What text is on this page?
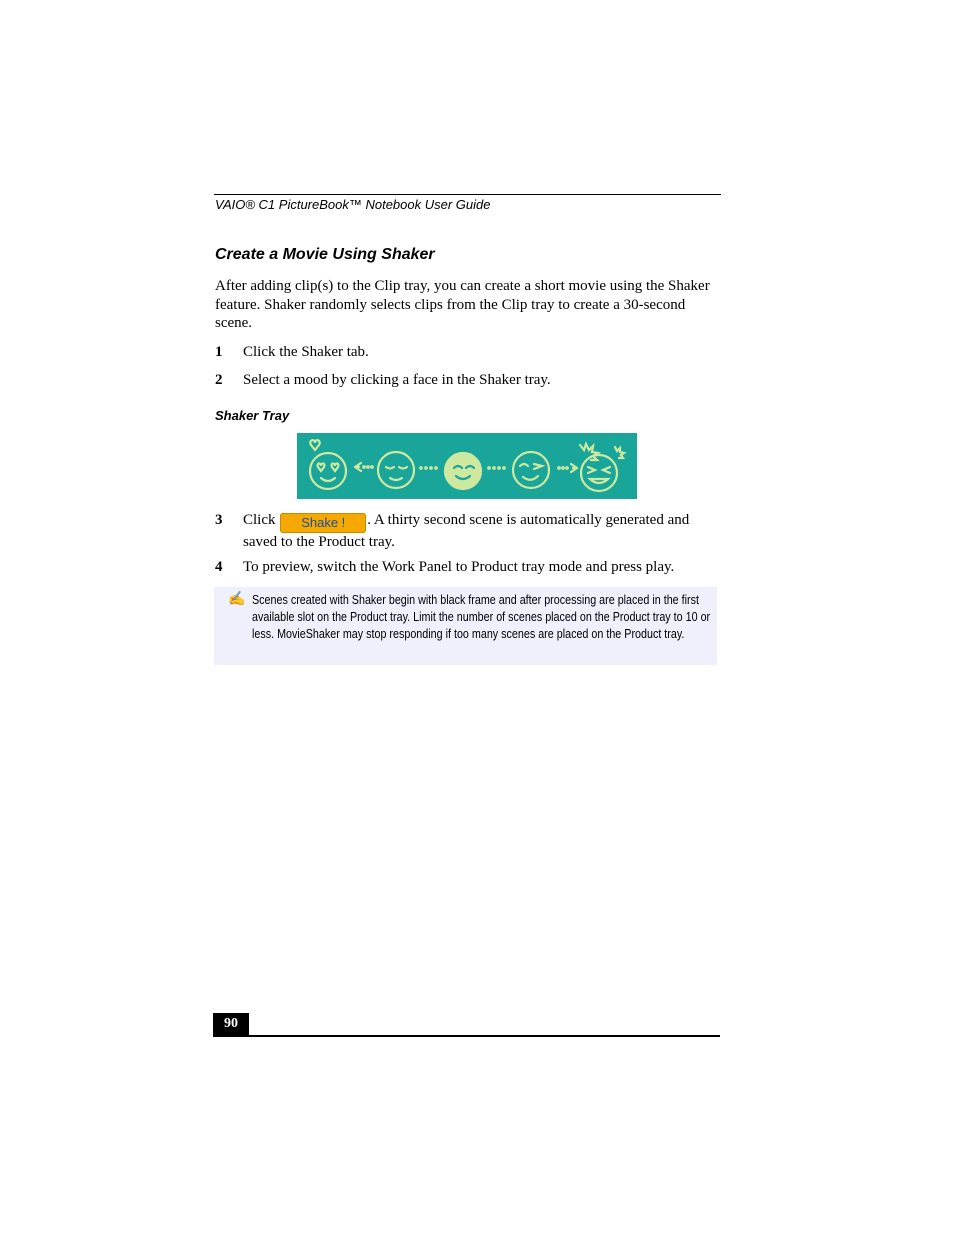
VAIO® C1 PictureBook™ Notebook User Guide
Create a Movie Using Shaker
After adding clip(s) to the Clip tray, you can create a short movie using the Shaker feature. Shaker randomly selects clips from the Clip tray to create a 30-second scene.
1 Click the Shaker tab.
2 Select a mood by clicking a face in the Shaker tray.
Shaker Tray
3 Click Shake ! . A thirty second scene is automatically generated and saved to the Product tray.
4 To preview, switch the Work Panel to Product tray mode and press play.
✍ Scenes created with Shaker begin with black frame and after processing are placed in the first available slot on the Product tray. Limit the number of scenes placed on the Product tray to 10 or less. MovieShaker may stop responding if too many scenes are placed on the Product tray.
90
